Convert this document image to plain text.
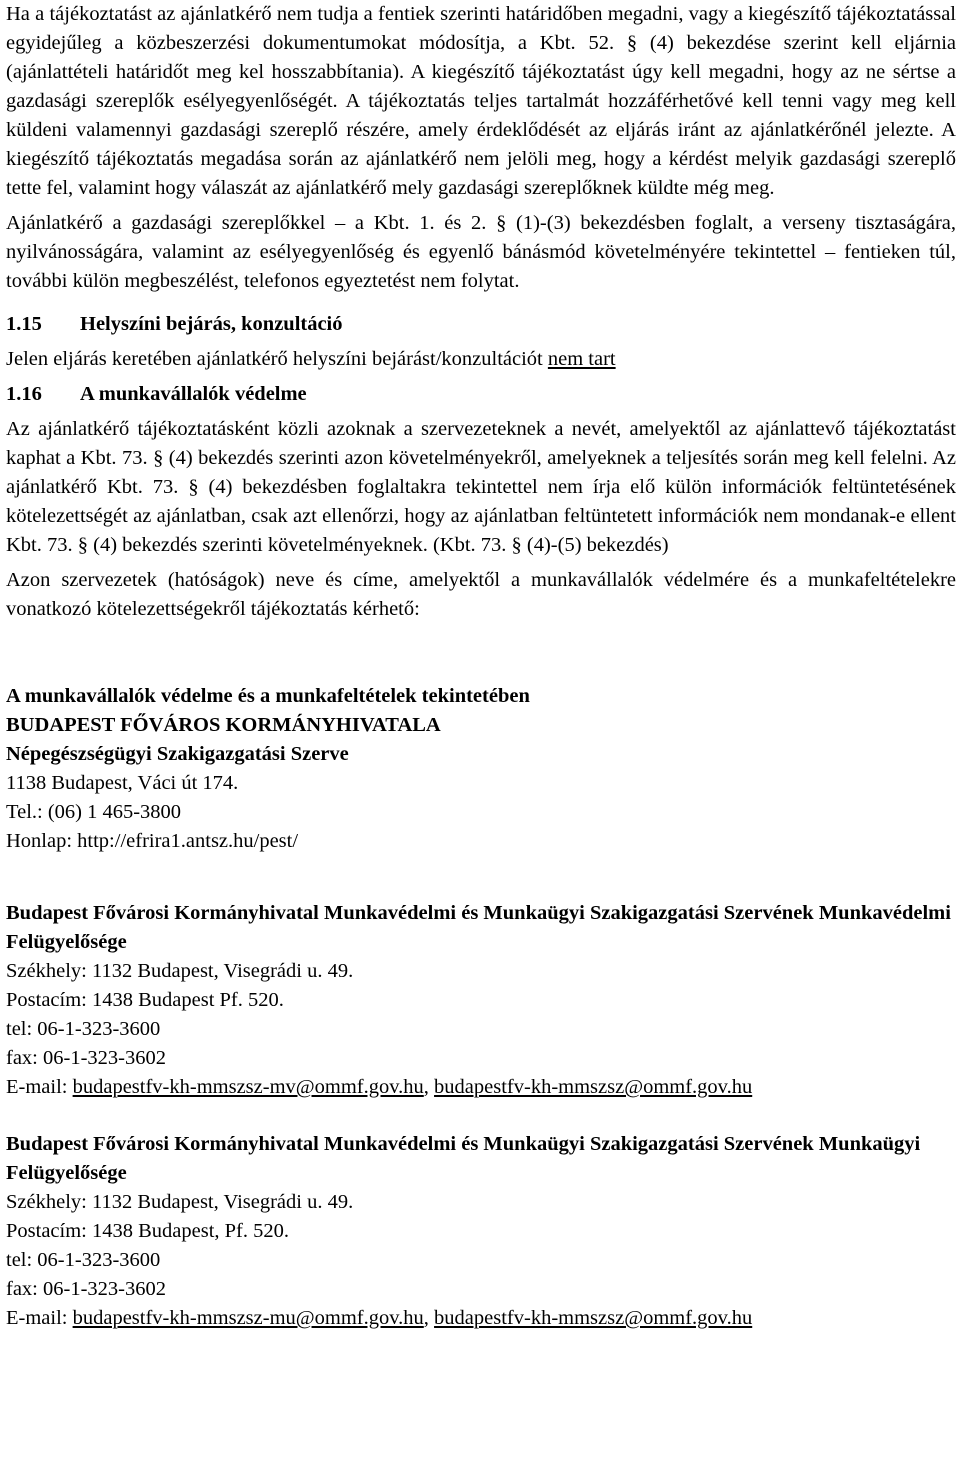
Ha a tájékoztatást az ajánlatkérő nem tudja a fentiek szerinti határidőben megadni, vagy a kiegészítő tájékoztatással egyidejűleg a közbeszerzési dokumentumokat módosítja, a Kbt. 52. § (4) bekezdése szerint kell eljárnia (ajánlattételi határidőt meg kel hosszabbítania). A kiegészítő tájékoztatást úgy kell megadni, hogy az ne sértse a gazdasági szereplők esélyegyenlőségét. A tájékoztatás teljes tartalmát hozzáférhetővé kell tenni vagy meg kell küldeni valamennyi gazdasági szereplő részére, amely érdeklődését az eljárás iránt az ajánlatkérőnél jelezte. A kiegészítő tájékoztatás megadása során az ajánlatkérő nem jelöli meg, hogy a kérdést melyik gazdasági szereplő tette fel, valamint hogy válaszát az ajánlatkérő mely gazdasági szereplőknek küldte még meg.

Ajánlatkérő a gazdasági szereplőkkel – a Kbt. 1. és 2. § (1)-(3) bekezdésben foglalt, a verseny tisztaságára, nyilvánosságára, valamint az esélyegyenlőség és egyenlő bánásmód követelményére tekintettel – fentieken túl, további külön megbeszélést, telefonos egyeztetést nem folytat.

1.15	Helyszíni bejárás, konzultáció

Jelen eljárás keretében ajánlatkérő helyszíni bejárást/konzultációt nem tart

1.16	A munkavállalók védelme

Az ajánlatkérő tájékoztatásként közli azoknak a szervezeteknek a nevét, amelyektől az ajánlattevő tájékoztatást kaphat a Kbt. 73. § (4) bekezdés szerinti azon követelményekről, amelyeknek a teljesítés során meg kell felelni. Az ajánlatkérő Kbt. 73. § (4) bekezdésben foglaltakra tekintettel nem írja elő külön információk feltüntetésének kötelezettségét az ajánlatban, csak azt ellenőrzi, hogy az ajánlatban feltüntetett információk nem mondanak-e ellent Kbt. 73. § (4) bekezdés szerinti követelményeknek. (Kbt. 73. § (4)-(5) bekezdés)

Azon szervezetek (hatóságok) neve és címe, amelyektől a munkavállalók védelmére és a munkafeltételekre vonatkozó kötelezettségekről tájékoztatás kérhető:

A munkavállalók védelme és a munkafeltételek tekintetében

BUDAPEST FŐVÁROS KORMÁNYHIVATALA

Népegészségügyi Szakigazgatási Szerve

1138 Budapest, Váci út 174.

Tel.: (06) 1 465-3800

Honlap: http://efrira1.antsz.hu/pest/

Budapest Fővárosi Kormányhivatal Munkavédelmi és Munkaügyi Szakigazgatási Szervének Munkavédelmi Felügyelősége

Székhely: 1132 Budapest, Visegrádi u. 49.

Postacím: 1438 Budapest Pf. 520.

tel: 06-1-323-3600

fax: 06-1-323-3602

E-mail: budapestfv-kh-mmszsz-mv@ommf.gov.hu, budapestfv-kh-mmszsz@ommf.gov.hu

Budapest Fővárosi Kormányhivatal Munkavédelmi és Munkaügyi Szakigazgatási Szervének Munkaügyi Felügyelősége

Székhely: 1132 Budapest, Visegrádi u. 49.

Postacím: 1438 Budapest, Pf. 520.

tel: 06-1-323-3600

fax: 06-1-323-3602

E-mail: budapestfv-kh-mmszsz-mu@ommf.gov.hu, budapestfv-kh-mmszsz@ommf.gov.hu
